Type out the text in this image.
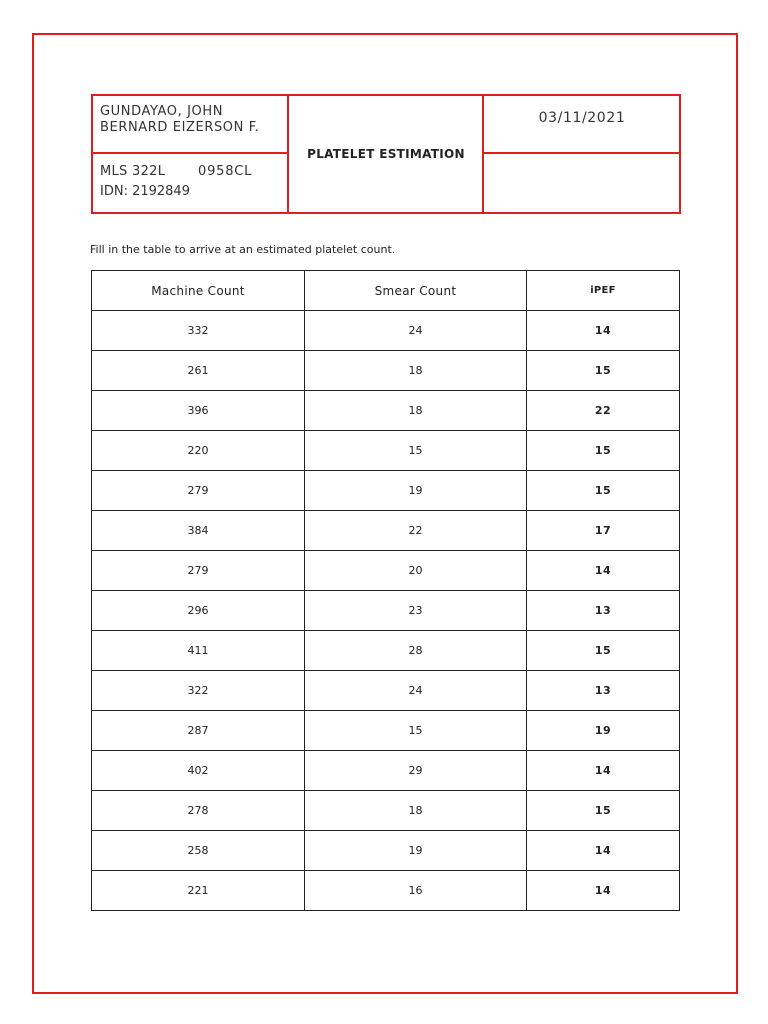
GUNDAYAO, JOHN
BERNARD EIZERSON F.
MLS 322L	0958CL
IDN: 2192849
PLATELET ESTIMATION
03/11/2021
Fill in the table to arrive at an estimated platelet count.
Machine Count	Smear Count	iPEF
332	24	14
261	18	15
396	18	22
220	15	15
279	19	15
384	22	17
279	20	14
296	23	13
411	28	15
322	24	13
287	15	19
402	29	14
278	18	15
258	19	14
221	16	14
